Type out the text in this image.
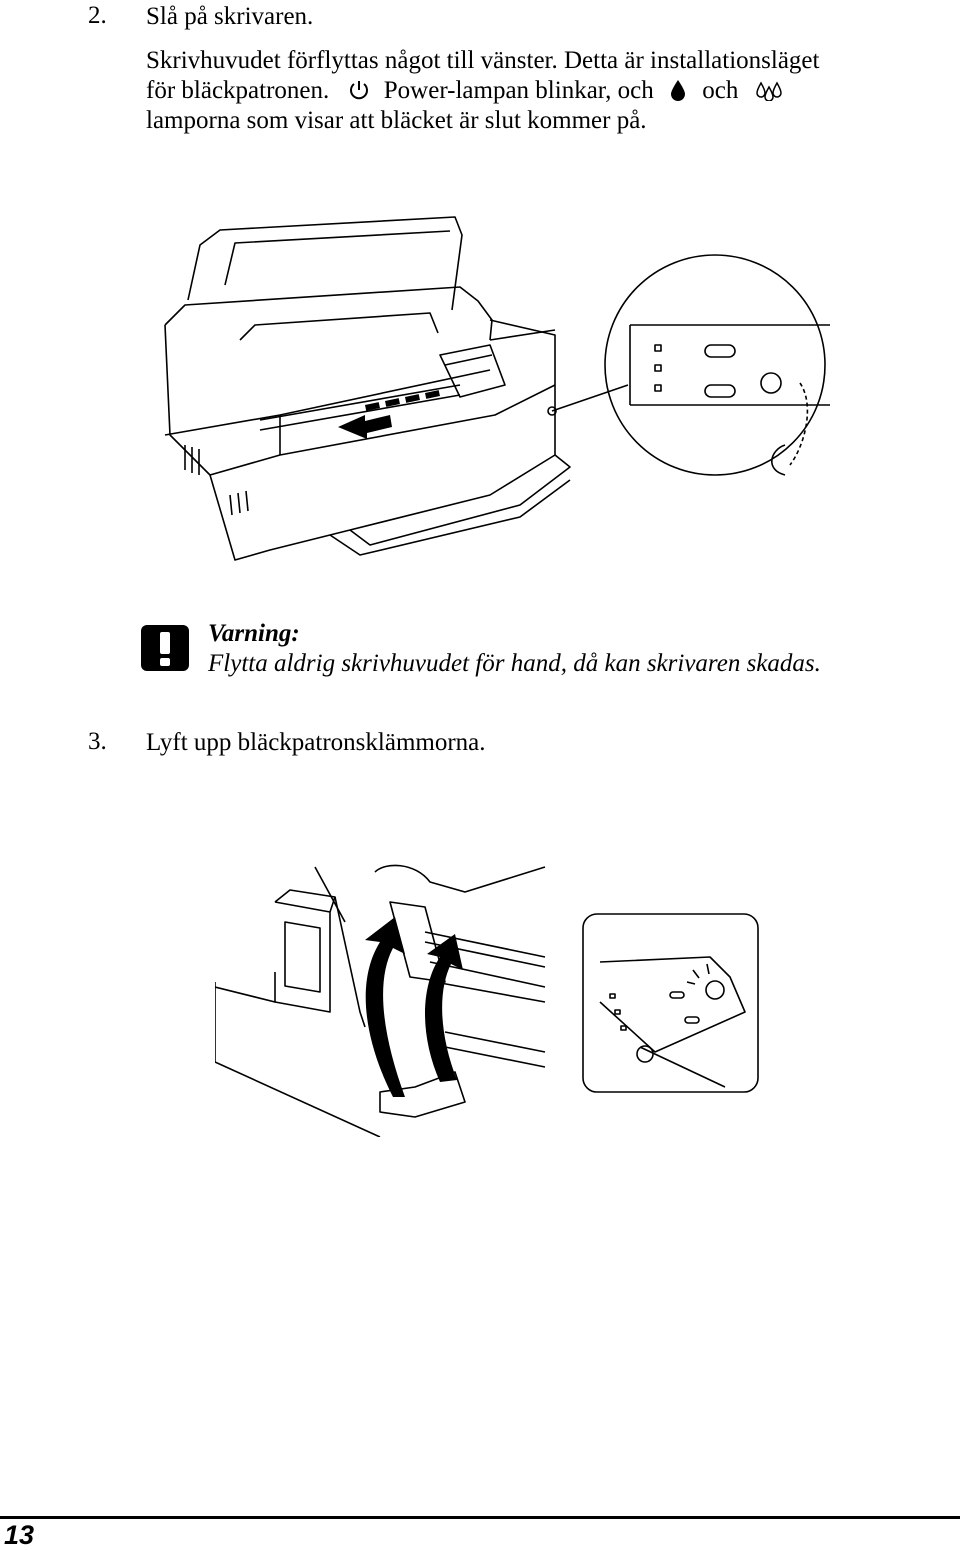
2. Slå på skrivaren.
Skrivhuvudet förflyttas något till vänster. Detta är installationsläget
för bläckpatronen. Power-lampan blinkar, och och
lamporna som visar att bläcket är slut kommer på.
Varning:
Flytta aldrig skrivhuvudet för hand, då kan skrivaren skadas.
3. Lyft upp bläckpatronsklämmorna.
13
